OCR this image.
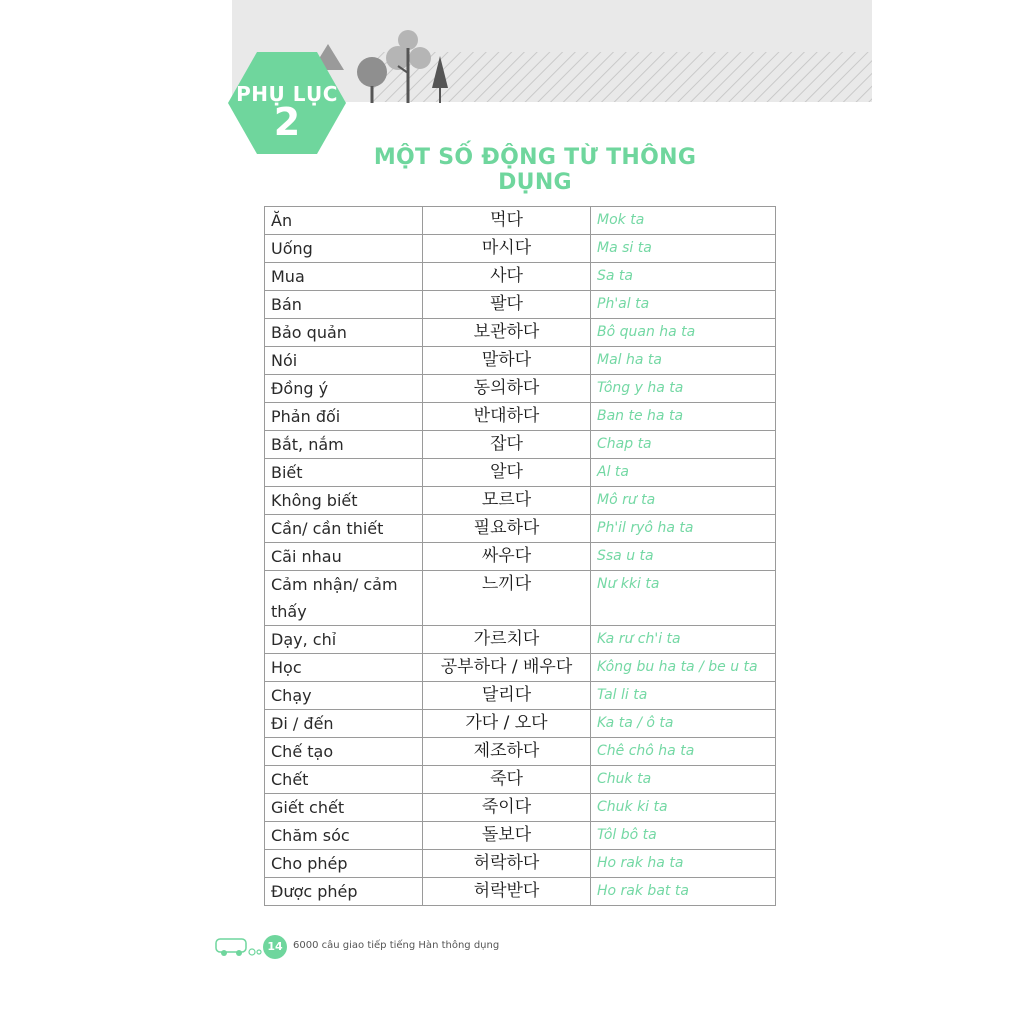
PHỤ LỤC
2
MỘT SỐ ĐỘNG TỪ THÔNG DỤNG
Ăn	먹다	Mok ta
Uống	마시다	Ma si ta
Mua	사다	Sa ta
Bán	팔다	Ph'al ta
Bảo quản	보관하다	Bô quan ha ta
Nói	말하다	Mal ha ta
Đồng ý	동의하다	Tông y ha ta
Phản đối	반대하다	Ban te ha ta
Bắt, nắm	잡다	Chap ta
Biết	알다	Al ta
Không biết	모르다	Mô rư ta
Cần/ cần thiết	필요하다	Ph'il ryô ha ta
Cãi nhau	싸우다	Ssa u ta
Cảm nhận/ cảm thấy	느끼다	Nư kki ta
Dạy, chỉ	가르치다	Ka rư ch'i ta
Học	공부하다 / 배우다	Kông bu ha ta / be u ta
Chạy	달리다	Tal li ta
Đi / đến	가다 / 오다	Ka ta / ô ta
Chế tạo	제조하다	Chê chô ha ta
Chết	죽다	Chuk ta
Giết chết	죽이다	Chuk ki ta
Chăm sóc	돌보다	Tôl bô ta
Cho phép	허락하다	Ho rak ha ta
Được phép	허락받다	Ho rak bat ta
14	6000 câu giao tiếp tiếng Hàn thông dụng
